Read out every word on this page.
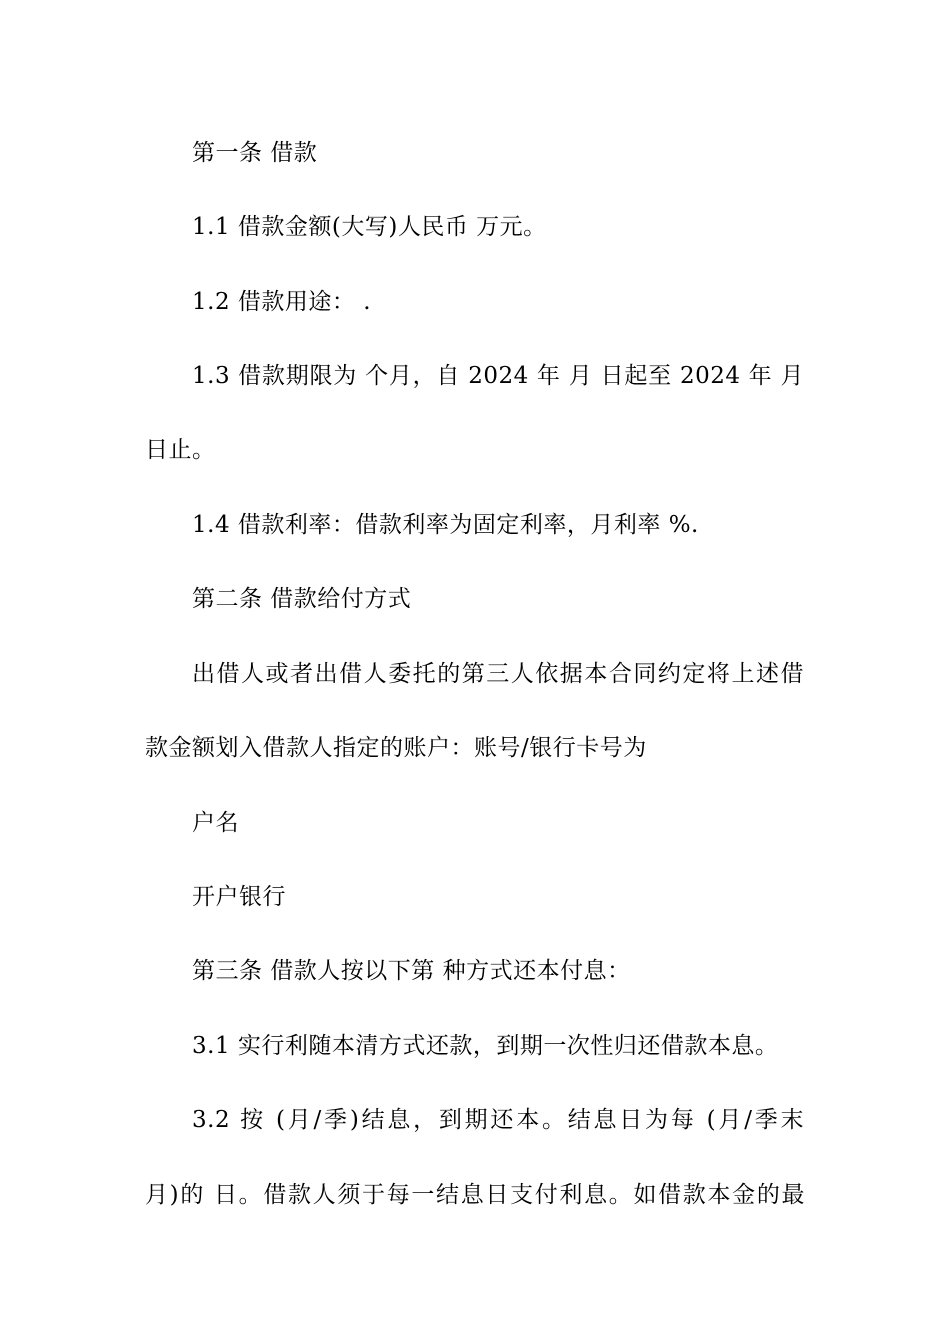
第一条 借款
1.1 借款金额(大写)人民币 万元。
1.2 借款用途： .
1.3 借款期限为 个月，自 2024 年 月 日起至 2024 年 月
日止。
1.4 借款利率：借款利率为固定利率，月利率 %.
第二条 借款给付方式
出借人或者出借人委托的第三人依据本合同约定将上述借
款金额划入借款人指定的账户：账号/银行卡号为
户名
开户银行
第三条 借款人按以下第 种方式还本付息：
3.1 实行利随本清方式还款，到期一次性归还借款本息。
3.2 按 (月/季)结息，到期还本。结息日为每 (月/季末
月)的 日。借款人须于每一结息日支付利息。如借款本金的最
